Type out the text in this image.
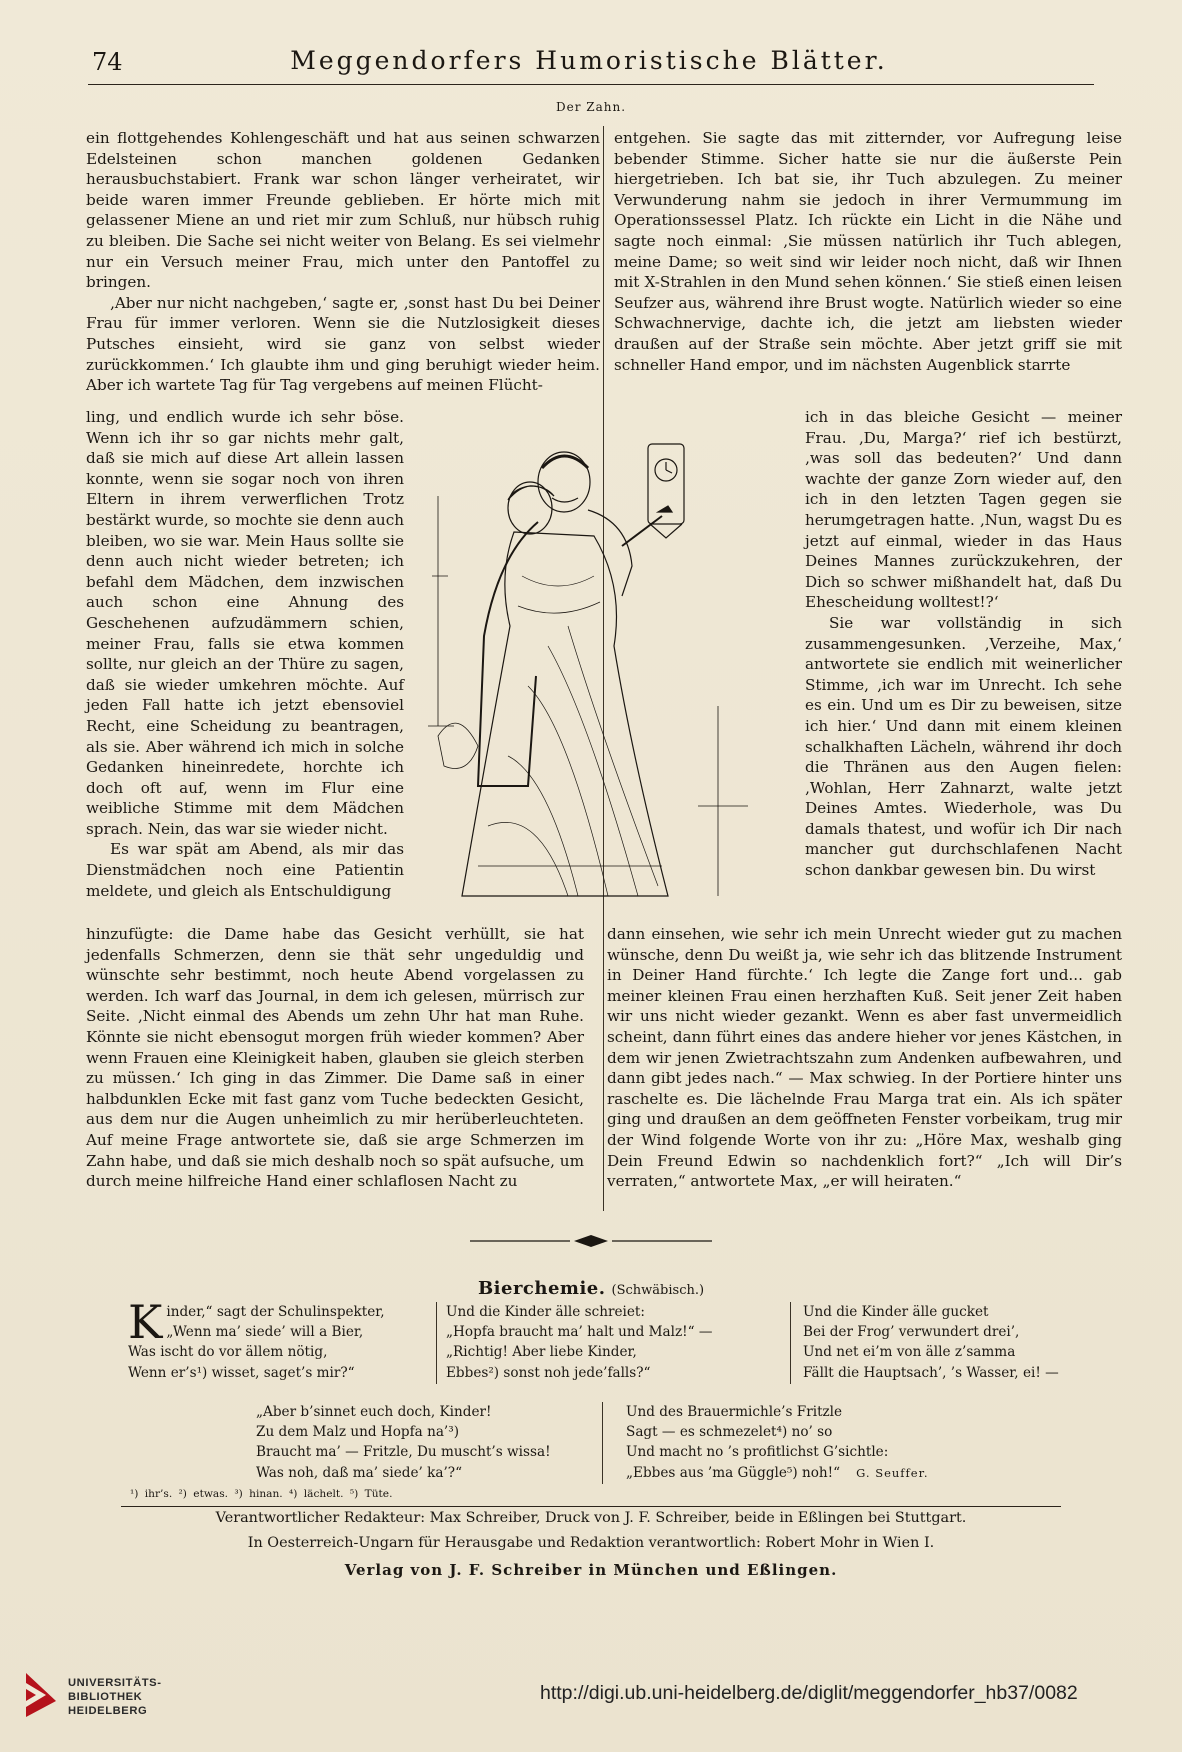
74	Meggendorfers Humoristische Blätter.
Der Zahn.

ein flottgehendes Kohlengeschäft und hat aus seinen schwarzen Edelsteinen schon manchen goldenen Gedanken herausbuchstabiert. Frank war schon länger verheiratet, wir beide waren immer Freunde geblieben. Er hörte mich mit gelassener Miene an und riet mir zum Schluß, nur hübsch ruhig zu bleiben. Die Sache sei nicht weiter von Belang. Es sei vielmehr nur ein Versuch meiner Frau, mich unter den Pantoffel zu bringen.

‚Aber nur nicht nachgeben,‘ sagte er, ‚sonst hast Du bei Deiner Frau für immer verloren. Wenn sie die Nutzlosigkeit dieses Putsches einsieht, wird sie ganz von selbst wieder zurückkommen.‘ Ich glaubte ihm und ging beruhigt wieder heim. Aber ich wartete Tag für Tag vergebens auf meinen Flücht-

ling, und endlich wurde ich sehr böse. Wenn ich ihr so gar nichts mehr galt, daß sie mich auf diese Art allein lassen konnte, wenn sie sogar noch von ihren Eltern in ihrem verwerflichen Trotz bestärkt wurde, so mochte sie denn auch bleiben, wo sie war. Mein Haus sollte sie denn auch nicht wieder betreten; ich befahl dem Mädchen, dem inzwischen auch schon eine Ahnung des Geschehenen aufzudämmern schien, meiner Frau, falls sie etwa kommen sollte, nur gleich an der Thüre zu sagen, daß sie wieder umkehren möchte. Auf jeden Fall hatte ich jetzt ebensoviel Recht, eine Scheidung zu beantragen, als sie. Aber während ich mich in solche Gedanken hineinredete, horchte ich doch oft auf, wenn im Flur eine weibliche Stimme mit dem Mädchen sprach. Nein, das war sie wieder nicht.

Es war spät am Abend, als mir das Dienstmädchen noch eine Patientin meldete, und gleich als Entschuldigung

hinzufügte: die Dame habe das Gesicht verhüllt, sie hat jedenfalls Schmerzen, denn sie thät sehr ungeduldig und wünschte sehr bestimmt, noch heute Abend vorgelassen zu werden. Ich warf das Journal, in dem ich gelesen, mürrisch zur Seite. ‚Nicht einmal des Abends um zehn Uhr hat man Ruhe. Könnte sie nicht ebensogut morgen früh wieder kommen? Aber wenn Frauen eine Kleinigkeit haben, glauben sie gleich sterben zu müssen.‘ Ich ging in das Zimmer. Die Dame saß in einer halbdunklen Ecke mit fast ganz vom Tuche bedeckten Gesicht, aus dem nur die Augen unheimlich zu mir herüberleuchteten. Auf meine Frage antwortete sie, daß sie arge Schmerzen im Zahn habe, und daß sie mich deshalb noch so spät aufsuche, um durch meine hilfreiche Hand einer schlaflosen Nacht zu

entgehen. Sie sagte das mit zitternder, vor Aufregung leise bebender Stimme. Sicher hatte sie nur die äußerste Pein hiergetrieben. Ich bat sie, ihr Tuch abzulegen. Zu meiner Verwunderung nahm sie jedoch in ihrer Vermummung im Operationssessel Platz. Ich rückte ein Licht in die Nähe und sagte noch einmal: ‚Sie müssen natürlich ihr Tuch ablegen, meine Dame; so weit sind wir leider noch nicht, daß wir Ihnen mit X-Strahlen in den Mund sehen können.‘ Sie stieß einen leisen Seufzer aus, während ihre Brust wogte. Natürlich wieder so eine Schwachnervige, dachte ich, die jetzt am liebsten wieder draußen auf der Straße sein möchte. Aber jetzt griff sie mit schneller Hand empor, und im nächsten Augenblick starrte

ich in das bleiche Gesicht — meiner Frau. ‚Du, Marga?‘ rief ich bestürzt, ‚was soll das bedeuten?‘ Und dann wachte der ganze Zorn wieder auf, den ich in den letzten Tagen gegen sie herumgetragen hatte. ‚Nun, wagst Du es jetzt auf einmal, wieder in das Haus Deines Mannes zurückzukehren, der Dich so schwer mißhandelt hat, daß Du Ehescheidung wolltest!?‘

Sie war vollständig in sich zusammengesunken. ‚Verzeihe, Max,‘ antwortete sie endlich mit weinerlicher Stimme, ‚ich war im Unrecht. Ich sehe es ein. Und um es Dir zu beweisen, sitze ich hier.‘ Und dann mit einem kleinen schalkhaften Lächeln, während ihr doch die Thränen aus den Augen fielen: ‚Wohlan, Herr Zahnarzt, walte jetzt Deines Amtes. Wiederhole, was Du damals thatest, und wofür ich Dir nach mancher gut durchschlafenen Nacht schon dankbar gewesen bin. Du wirst

dann einsehen, wie sehr ich mein Unrecht wieder gut zu machen wünsche, denn Du weißt ja, wie sehr ich das blitzende Instrument in Deiner Hand fürchte.‘ Ich legte die Zange fort und... gab meiner kleinen Frau einen herzhaften Kuß. Seit jener Zeit haben wir uns nicht wieder gezankt. Wenn es aber fast unvermeidlich scheint, dann führt eines das andere hieher vor jenes Kästchen, in dem wir jenen Zwietrachtszahn zum Andenken aufbewahren, und dann gibt jedes nach.“ — Max schwieg. In der Portiere hinter uns raschelte es. Die lächelnde Frau Marga trat ein. Als ich später ging und draußen an dem geöffneten Fenster vorbeikam, trug mir der Wind folgende Worte von ihr zu: „Höre Max, weshalb ging Dein Freund Edwin so nachdenklich fort?“ „Ich will Dir’s verraten,“ antwortete Max, „er will heiraten.“

Bierchemie. (Schwäbisch.)
K inder,“ sagt der Schulinspekter,

„Wenn ma’ siede’ will a Bier,

Was ischt do vor ällem nötig,

Wenn er’s¹) wisset, saget’s mir?“

Und die Kinder älle schreiet:

„Hopfa braucht ma’ halt und Malz!“ —

„Richtig! Aber liebe Kinder,

Ebbes²) sonst noh jede’falls?“

Und die Kinder älle gucket

Bei der Frog’ verwundert drei’,

Und net ei’m von älle z’samma

Fällt die Hauptsach’, ’s Wasser, ei! —

„Aber b’sinnet euch doch, Kinder!

Zu dem Malz und Hopfa na’³)

Braucht ma’ — Fritzle, Du muscht’s wissa!

Was noh, daß ma’ siede’ ka’?“

Und des Brauermichle’s Fritzle

Sagt — es schmezelet⁴) no’ so

Und macht no ’s profitlichst G’sichtle:

„Ebbes aus ’ma Güggle⁵) noh!“ G. Seuffer.

¹) ihr’s. ²) etwas. ³) hinan. ⁴) lächelt. ⁵) Tüte.
Verantwortlicher Redakteur: Max Schreiber, Druck von J. F. Schreiber, beide in Eßlingen bei Stuttgart.
In Oesterreich-Ungarn für Herausgabe und Redaktion verantwortlich: Robert Mohr in Wien I.
Verlag von J. F. Schreiber in München und Eßlingen.
UNIVERSITÄTS-
BIBLIOTHEK
HEIDELBERG
http://digi.ub.uni-heidelberg.de/diglit/meggendorfer_hb37/0082
